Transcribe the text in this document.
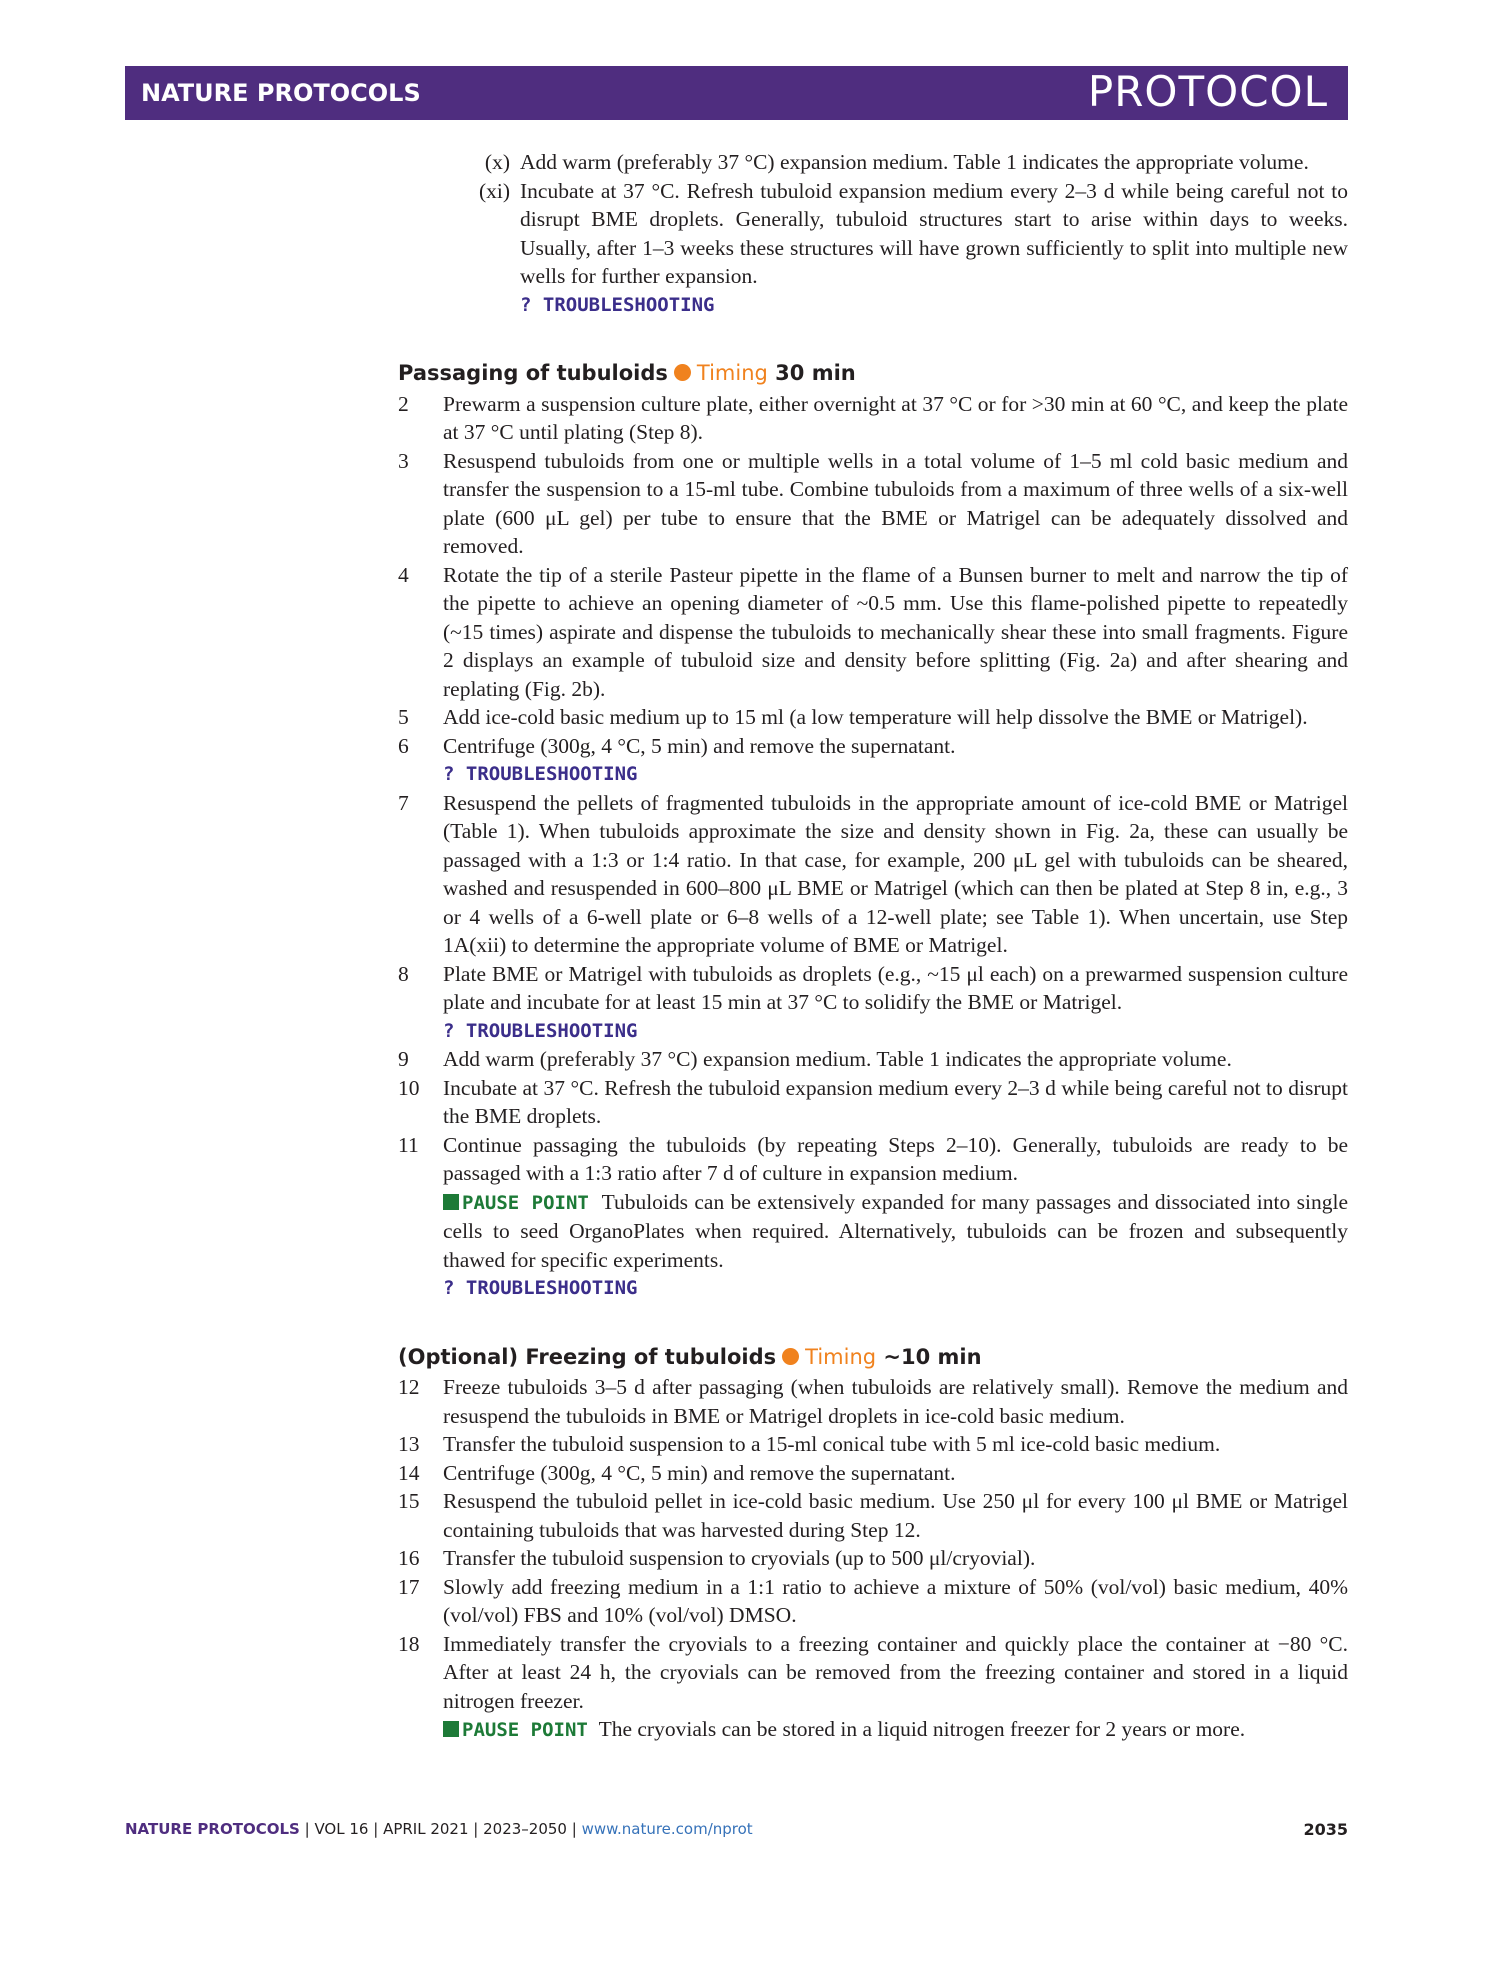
NATURE PROTOCOLS	PROTOCOL
(x) Add warm (preferably 37 °C) expansion medium. Table 1 indicates the appropriate volume.
(xi) Incubate at 37 °C. Refresh tubuloid expansion medium every 2–3 d while being careful not to disrupt BME droplets. Generally, tubuloid structures start to arise within days to weeks. Usually, after 1–3 weeks these structures will have grown sufficiently to split into multiple new wells for further expansion.
? TROUBLESHOOTING
Passaging of tubuloids Timing 30 min
2	Prewarm a suspension culture plate, either overnight at 37 °C or for >30 min at 60 °C, and keep the plate at 37 °C until plating (Step 8).
3	Resuspend tubuloids from one or multiple wells in a total volume of 1–5 ml cold basic medium and transfer the suspension to a 15-ml tube. Combine tubuloids from a maximum of three wells of a six-well plate (600 μL gel) per tube to ensure that the BME or Matrigel can be adequately dissolved and removed.
4	Rotate the tip of a sterile Pasteur pipette in the flame of a Bunsen burner to melt and narrow the tip of the pipette to achieve an opening diameter of ~0.5 mm. Use this flame-polished pipette to repeatedly (~15 times) aspirate and dispense the tubuloids to mechanically shear these into small fragments. Figure 2 displays an example of tubuloid size and density before splitting (Fig. 2a) and after shearing and replating (Fig. 2b).
5	Add ice-cold basic medium up to 15 ml (a low temperature will help dissolve the BME or Matrigel).
6	Centrifuge (300g, 4 °C, 5 min) and remove the supernatant.
? TROUBLESHOOTING
7	Resuspend the pellets of fragmented tubuloids in the appropriate amount of ice-cold BME or Matrigel (Table 1). When tubuloids approximate the size and density shown in Fig. 2a, these can usually be passaged with a 1:3 or 1:4 ratio. In that case, for example, 200 μL gel with tubuloids can be sheared, washed and resuspended in 600–800 μL BME or Matrigel (which can then be plated at Step 8 in, e.g., 3 or 4 wells of a 6-well plate or 6–8 wells of a 12-well plate; see Table 1). When uncertain, use Step 1A(xii) to determine the appropriate volume of BME or Matrigel.
8	Plate BME or Matrigel with tubuloids as droplets (e.g., ~15 μl each) on a prewarmed suspension culture plate and incubate for at least 15 min at 37 °C to solidify the BME or Matrigel.
? TROUBLESHOOTING
9	Add warm (preferably 37 °C) expansion medium. Table 1 indicates the appropriate volume.
10	Incubate at 37 °C. Refresh the tubuloid expansion medium every 2–3 d while being careful not to disrupt the BME droplets.
11	Continue passaging the tubuloids (by repeating Steps 2–10). Generally, tubuloids are ready to be passaged with a 1:3 ratio after 7 d of culture in expansion medium.
PAUSE POINT Tubuloids can be extensively expanded for many passages and dissociated into single cells to seed OrganoPlates when required. Alternatively, tubuloids can be frozen and subsequently thawed for specific experiments.
? TROUBLESHOOTING
(Optional) Freezing of tubuloids Timing ~10 min
12	Freeze tubuloids 3–5 d after passaging (when tubuloids are relatively small). Remove the medium and resuspend the tubuloids in BME or Matrigel droplets in ice-cold basic medium.
13	Transfer the tubuloid suspension to a 15-ml conical tube with 5 ml ice-cold basic medium.
14	Centrifuge (300g, 4 °C, 5 min) and remove the supernatant.
15	Resuspend the tubuloid pellet in ice-cold basic medium. Use 250 μl for every 100 μl BME or Matrigel containing tubuloids that was harvested during Step 12.
16	Transfer the tubuloid suspension to cryovials (up to 500 μl/cryovial).
17	Slowly add freezing medium in a 1:1 ratio to achieve a mixture of 50% (vol/vol) basic medium, 40% (vol/vol) FBS and 10% (vol/vol) DMSO.
18	Immediately transfer the cryovials to a freezing container and quickly place the container at −80 °C. After at least 24 h, the cryovials can be removed from the freezing container and stored in a liquid nitrogen freezer.
PAUSE POINT The cryovials can be stored in a liquid nitrogen freezer for 2 years or more.
NATURE PROTOCOLS | VOL 16 | APRIL 2021 | 2023–2050 | www.nature.com/nprot	2035
